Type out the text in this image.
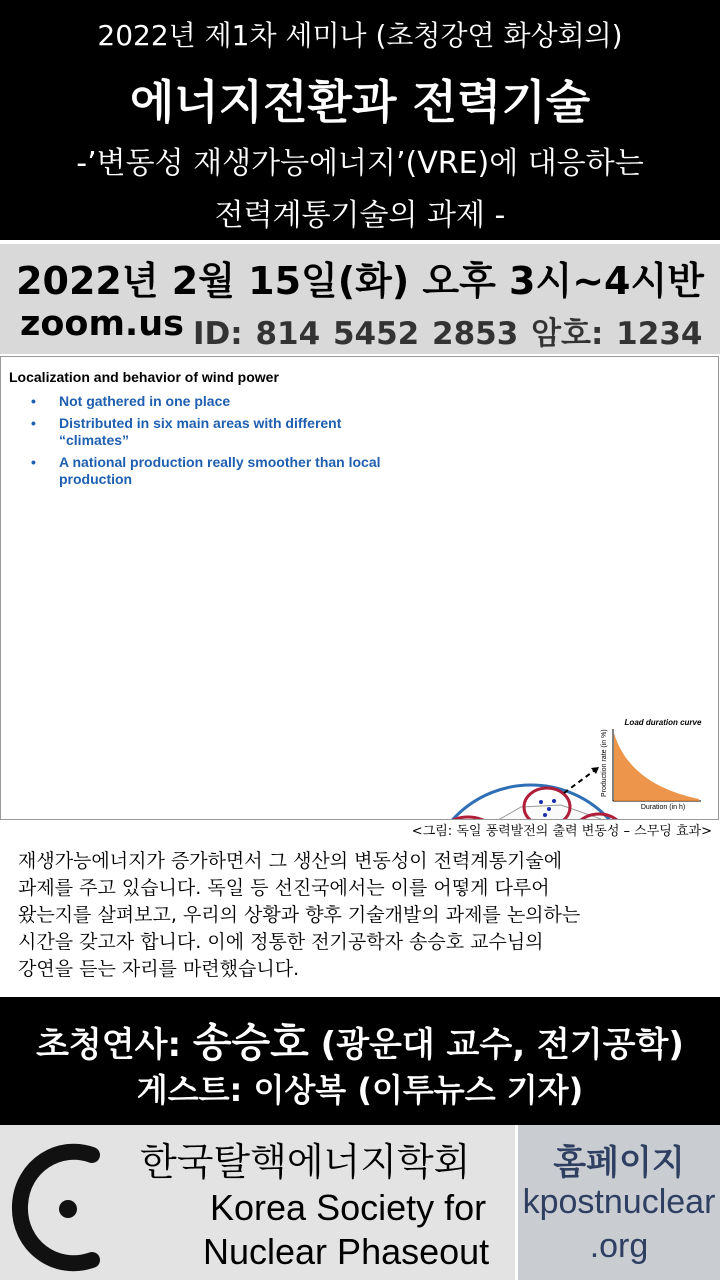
2022년 제1차 세미나 (초청강연 화상회의)
에너지전환과 전력기술
-’변동성 재생가능에너지’(VRE)에 대응하는
전력계통기술의 과제 -
2022년 2월 15일(화) 오후 3시~4시반
zoom.us ID: 814 5452 2853 암호: 1234
Localization and behavior of wind power
• Not gathered in one place
• Distributed in six main areas with different “climates”
• A national production really smoother than local production
Load duration curve
Duration (in h)
Production rate (in %)
<그림: 독일 풍력발전의 출력 변동성 – 스무딩 효과>
재생가능에너지가 증가하면서 그 생산의 변동성이 전력계통기술에
과제를 주고 있습니다. 독일 등 선진국에서는 이를 어떻게 다루어
왔는지를 살펴보고, 우리의 상황과 향후 기술개발의 과제를 논의하는
시간을 갖고자 합니다. 이에 정통한 전기공학자 송승호 교수님의
강연을 듣는 자리를 마련했습니다.
초청연사: 송승호 (광운대 교수, 전기공학)
게스트: 이상복 (이투뉴스 기자)
한국탈핵에너지학회
Korea Society for
Nuclear Phaseout
홈페이지
kpostnuclear
.org
